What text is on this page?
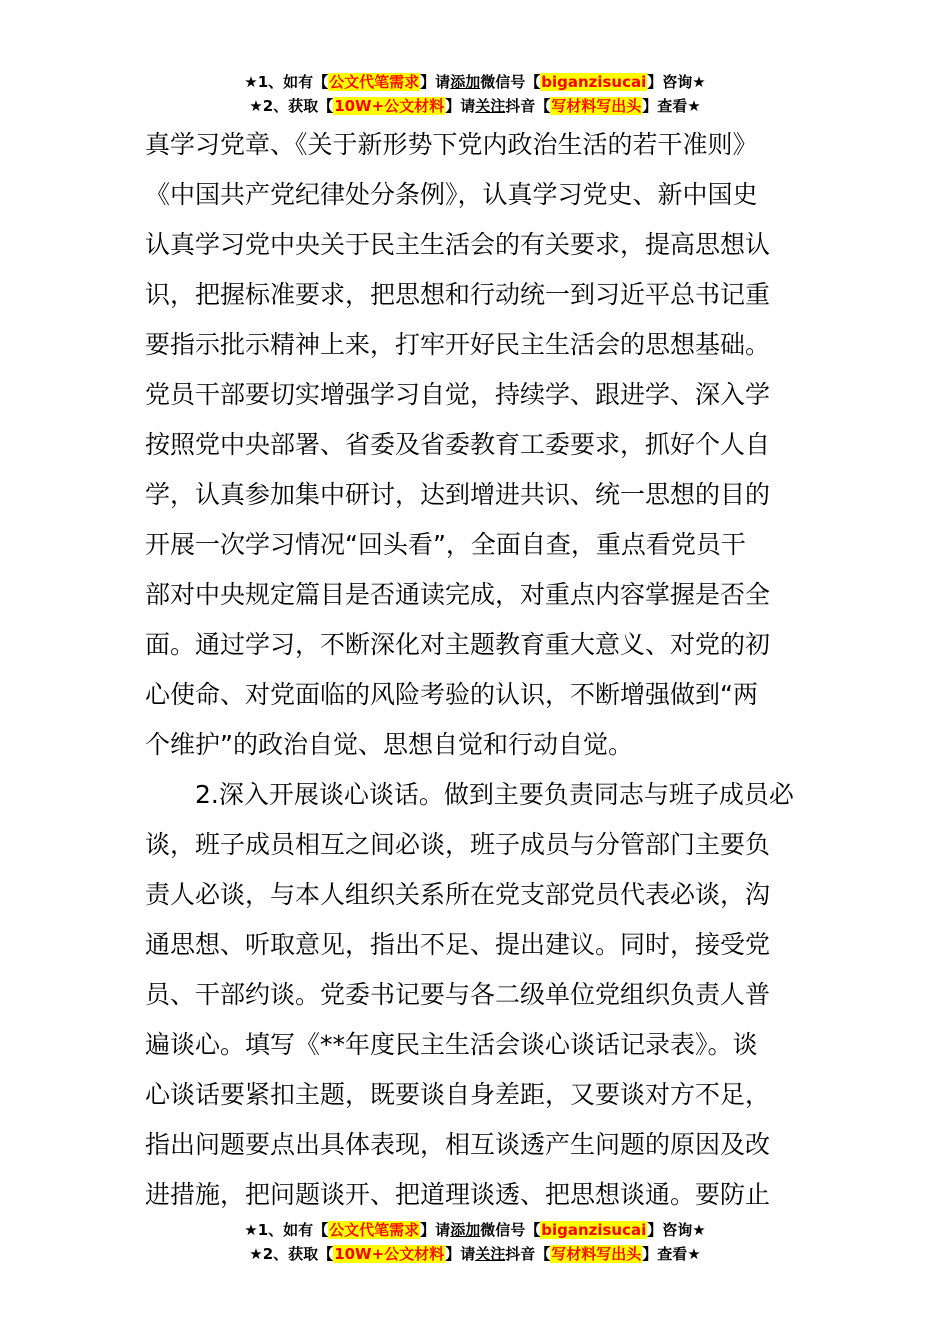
★1、如有【公文代笔需求】请添加微信号【biganzisucai】咨询★
★2、获取【10W+公文材料】请关注抖音【写材料写出头】查看★
真学习党章、《关于新形势下党内政治生活的若干准则》
《中国共产党纪律处分条例》，认真学习党史、新中国史
认真学习党中央关于民主生活会的有关要求，提高思想认
识，把握标准要求，把思想和行动统一到习近平总书记重
要指示批示精神上来，打牢开好民主生活会的思想基础。
党员干部要切实增强学习自觉，持续学、跟进学、深入学
按照党中央部署、省委及省委教育工委要求，抓好个人自
学，认真参加集中研讨，达到增进共识、统一思想的目的
开展一次学习情况“回头看”，全面自查，重点看党员干
部对中央规定篇目是否通读完成，对重点内容掌握是否全
面。通过学习，不断深化对主题教育重大意义、对党的初
心使命、对党面临的风险考验的认识，不断增强做到“两
个维护”的政治自觉、思想自觉和行动自觉。
2.深入开展谈心谈话。做到主要负责同志与班子成员必
谈，班子成员相互之间必谈，班子成员与分管部门主要负
责人必谈，与本人组织关系所在党支部党员代表必谈，沟
通思想、听取意见，指出不足、提出建议。同时，接受党
员、干部约谈。党委书记要与各二级单位党组织负责人普
遍谈心。填写《**年度民主生活会谈心谈话记录表》。谈
心谈话要紧扣主题，既要谈自身差距，又要谈对方不足，
指出问题要点出具体表现，相互谈透产生问题的原因及改
进措施，把问题谈开、把道理谈透、把思想谈通。要防止
★1、如有【公文代笔需求】请添加微信号【biganzisucai】咨询★
★2、获取【10W+公文材料】请关注抖音【写材料写出头】查看★
